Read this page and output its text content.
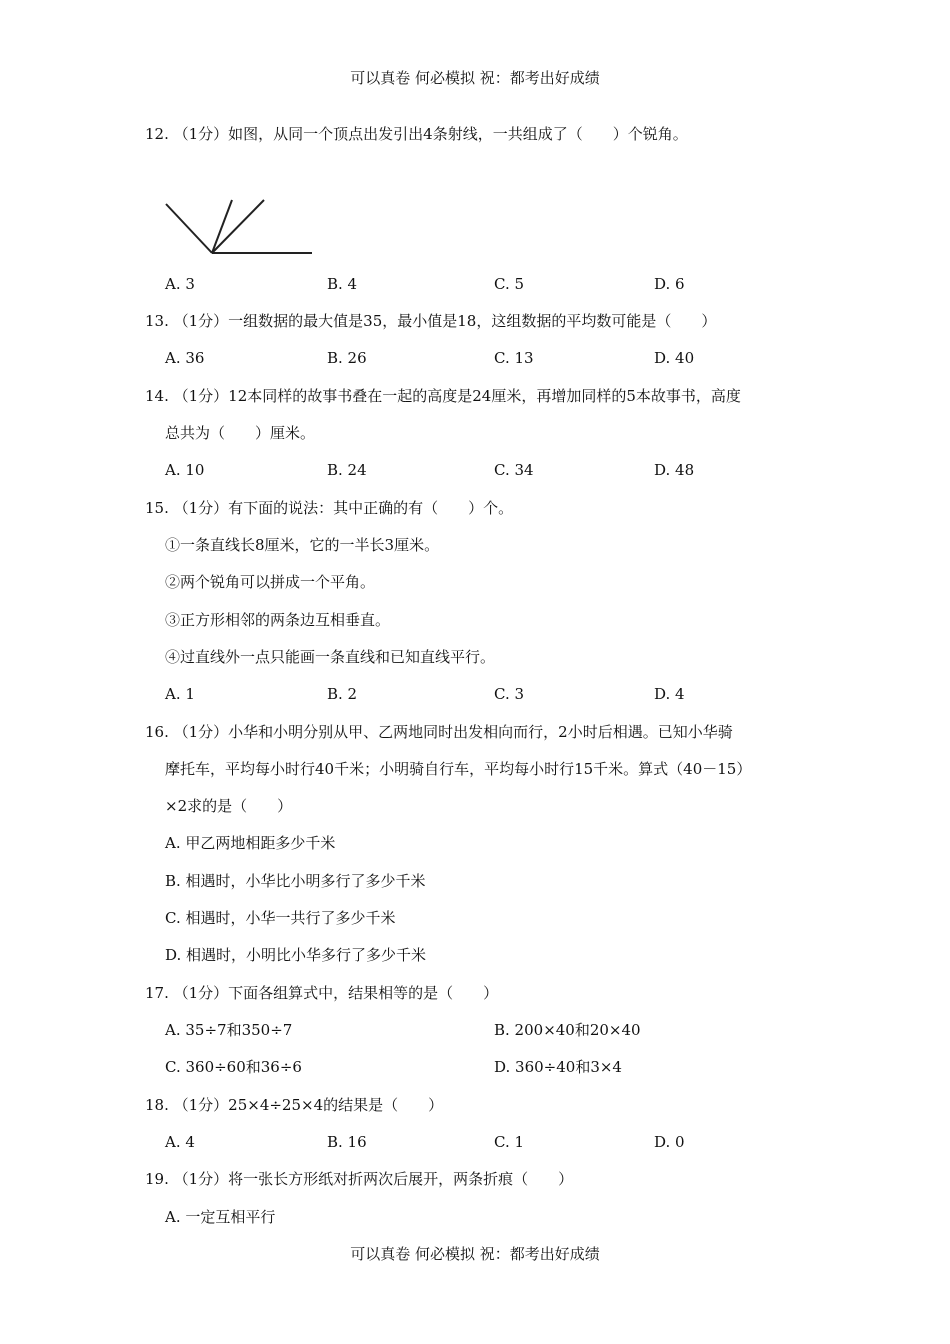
可以真卷 何必模拟 祝：都考出好成绩
12. （1分）如图，从同一个顶点出发引出4条射线，一共组成了（　　）个锐角。
A. 3	B. 4	C. 5	D. 6
13. （1分）一组数据的最大值是35，最小值是18，这组数据的平均数可能是（　　）
A. 36	B. 26	C. 13	D. 40
14. （1分）12本同样的故事书叠在一起的高度是24厘米，再增加同样的5本故事书，高度
总共为（　　）厘米。
A. 10	B. 24	C. 34	D. 48
15. （1分）有下面的说法：其中正确的有（　　）个。
①一条直线长8厘米，它的一半长3厘米。
②两个锐角可以拼成一个平角。
③正方形相邻的两条边互相垂直。
④过直线外一点只能画一条直线和已知直线平行。
A. 1	B. 2	C. 3	D. 4
16. （1分）小华和小明分别从甲、乙两地同时出发相向而行，2小时后相遇。已知小华骑
摩托车，平均每小时行40千米；小明骑自行车，平均每小时行15千米。算式（40－15）
×2求的是（　　）
A. 甲乙两地相距多少千米
B. 相遇时，小华比小明多行了多少千米
C. 相遇时，小华一共行了多少千米
D. 相遇时，小明比小华多行了多少千米
17. （1分）下面各组算式中，结果相等的是（　　）
A. 35÷7和350÷7	B. 200×40和20×40
C. 360÷60和36÷6	D. 360÷40和3×4
18. （1分）25×4÷25×4的结果是（　　）
A. 4	B. 16	C. 1	D. 0
19. （1分）将一张长方形纸对折两次后展开，两条折痕（　　）
A. 一定互相平行
可以真卷 何必模拟 祝：都考出好成绩
